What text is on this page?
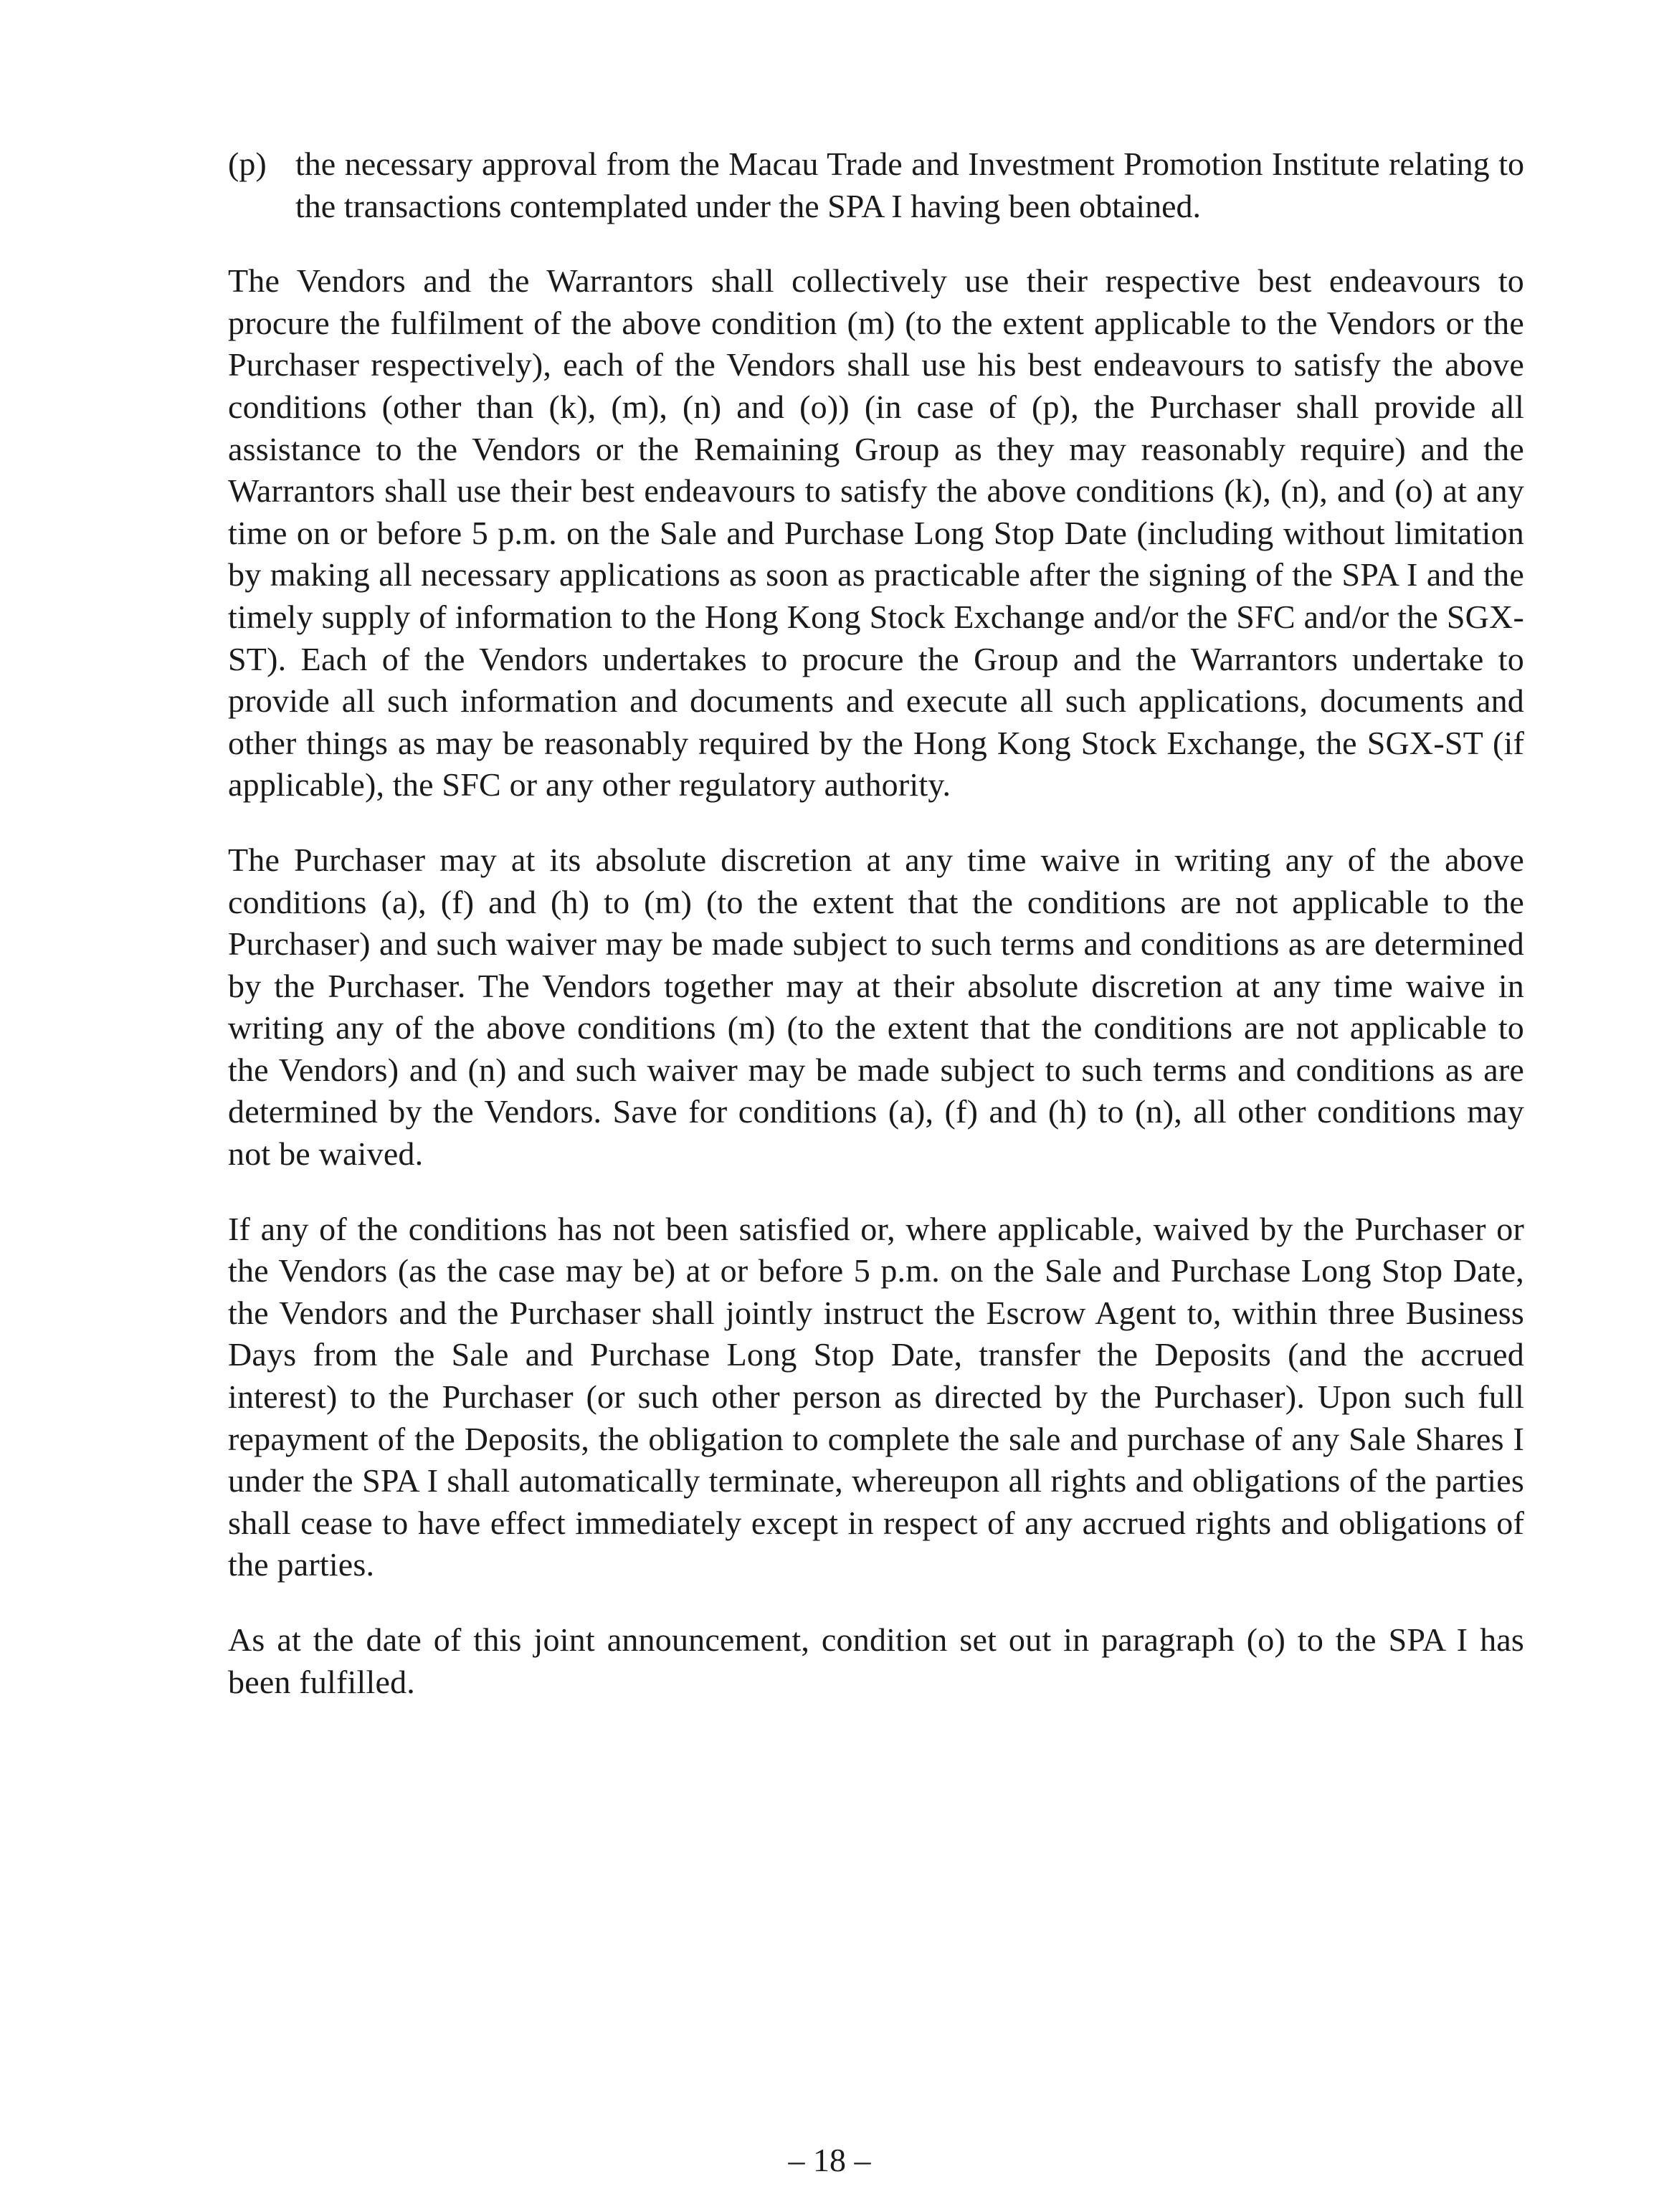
(p) the necessary approval from the Macau Trade and Investment Promotion Institute relating to the transactions contemplated under the SPA I having been obtained.

The Vendors and the Warrantors shall collectively use their respective best endeavours to procure the fulfilment of the above condition (m) (to the extent applicable to the Vendors or the Purchaser respectively), each of the Vendors shall use his best endeavours to satisfy the above conditions (other than (k), (m), (n) and (o)) (in case of (p), the Purchaser shall provide all assistance to the Vendors or the Remaining Group as they may reasonably require) and the Warrantors shall use their best endeavours to satisfy the above conditions (k), (n), and (o) at any time on or before 5 p.m. on the Sale and Purchase Long Stop Date (including without limitation by making all necessary applications as soon as practicable after the signing of the SPA I and the timely supply of information to the Hong Kong Stock Exchange and/or the SFC and/or the SGX-ST). Each of the Vendors undertakes to procure the Group and the Warrantors undertake to provide all such information and documents and execute all such applications, documents and other things as may be reasonably required by the Hong Kong Stock Exchange, the SGX-ST (if applicable), the SFC or any other regulatory authority.

The Purchaser may at its absolute discretion at any time waive in writing any of the above conditions (a), (f) and (h) to (m) (to the extent that the conditions are not applicable to the Purchaser) and such waiver may be made subject to such terms and conditions as are determined by the Purchaser. The Vendors together may at their absolute discretion at any time waive in writing any of the above conditions (m) (to the extent that the conditions are not applicable to the Vendors) and (n) and such waiver may be made subject to such terms and conditions as are determined by the Vendors. Save for conditions (a), (f) and (h) to (n), all other conditions may not be waived.

If any of the conditions has not been satisfied or, where applicable, waived by the Purchaser or the Vendors (as the case may be) at or before 5 p.m. on the Sale and Purchase Long Stop Date, the Vendors and the Purchaser shall jointly instruct the Escrow Agent to, within three Business Days from the Sale and Purchase Long Stop Date, transfer the Deposits (and the accrued interest) to the Purchaser (or such other person as directed by the Purchaser). Upon such full repayment of the Deposits, the obligation to complete the sale and purchase of any Sale Shares I under the SPA I shall automatically terminate, whereupon all rights and obligations of the parties shall cease to have effect immediately except in respect of any accrued rights and obligations of the parties.

As at the date of this joint announcement, condition set out in paragraph (o) to the SPA I has been fulfilled.

– 18 –
